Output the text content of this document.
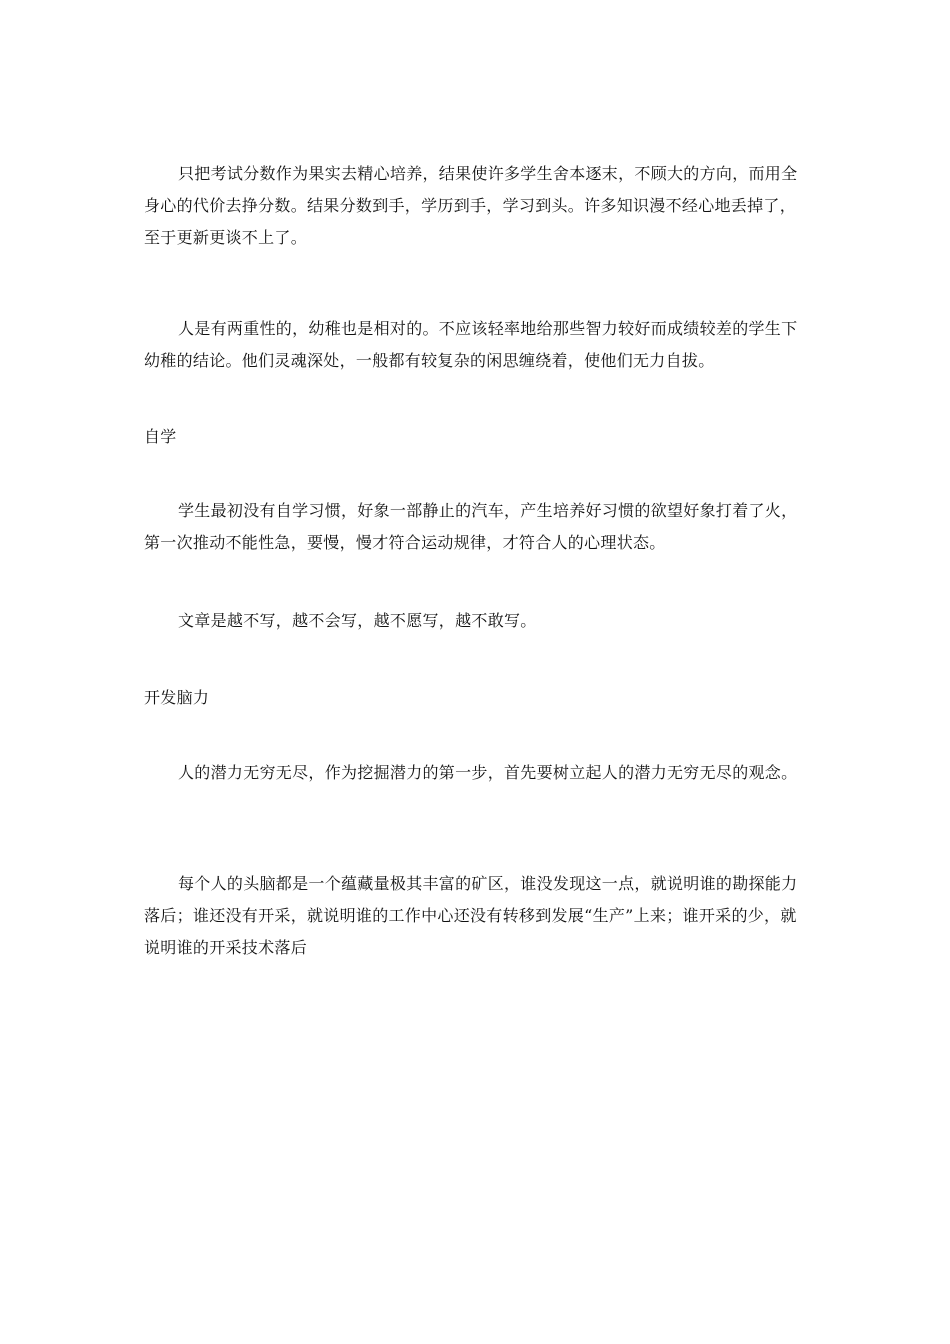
只把考试分数作为果实去精心培养，结果使许多学生舍本逐末，不顾大的方向，而用全身心的代价去挣分数。结果分数到手，学历到手，学习到头。许多知识漫不经心地丢掉了，至于更新更谈不上了。

人是有两重性的，幼稚也是相对的。不应该轻率地给那些智力较好而成绩较差的学生下幼稚的结论。他们灵魂深处，一般都有较复杂的闲思缠绕着，使他们无力自拔。

自学

学生最初没有自学习惯，好象一部静止的汽车，产生培养好习惯的欲望好象打着了火，第一次推动不能性急，要慢，慢才符合运动规律，才符合人的心理状态。

文章是越不写，越不会写，越不愿写，越不敢写。

开发脑力

人的潜力无穷无尽，作为挖掘潜力的第一步，首先要树立起人的潜力无穷无尽的观念。

每个人的头脑都是一个蕴藏量极其丰富的矿区，谁没发现这一点，就说明谁的勘探能力落后；谁还没有开采，就说明谁的工作中心还没有转移到发展“生产”上来；谁开采的少，就说明谁的开采技术落后
